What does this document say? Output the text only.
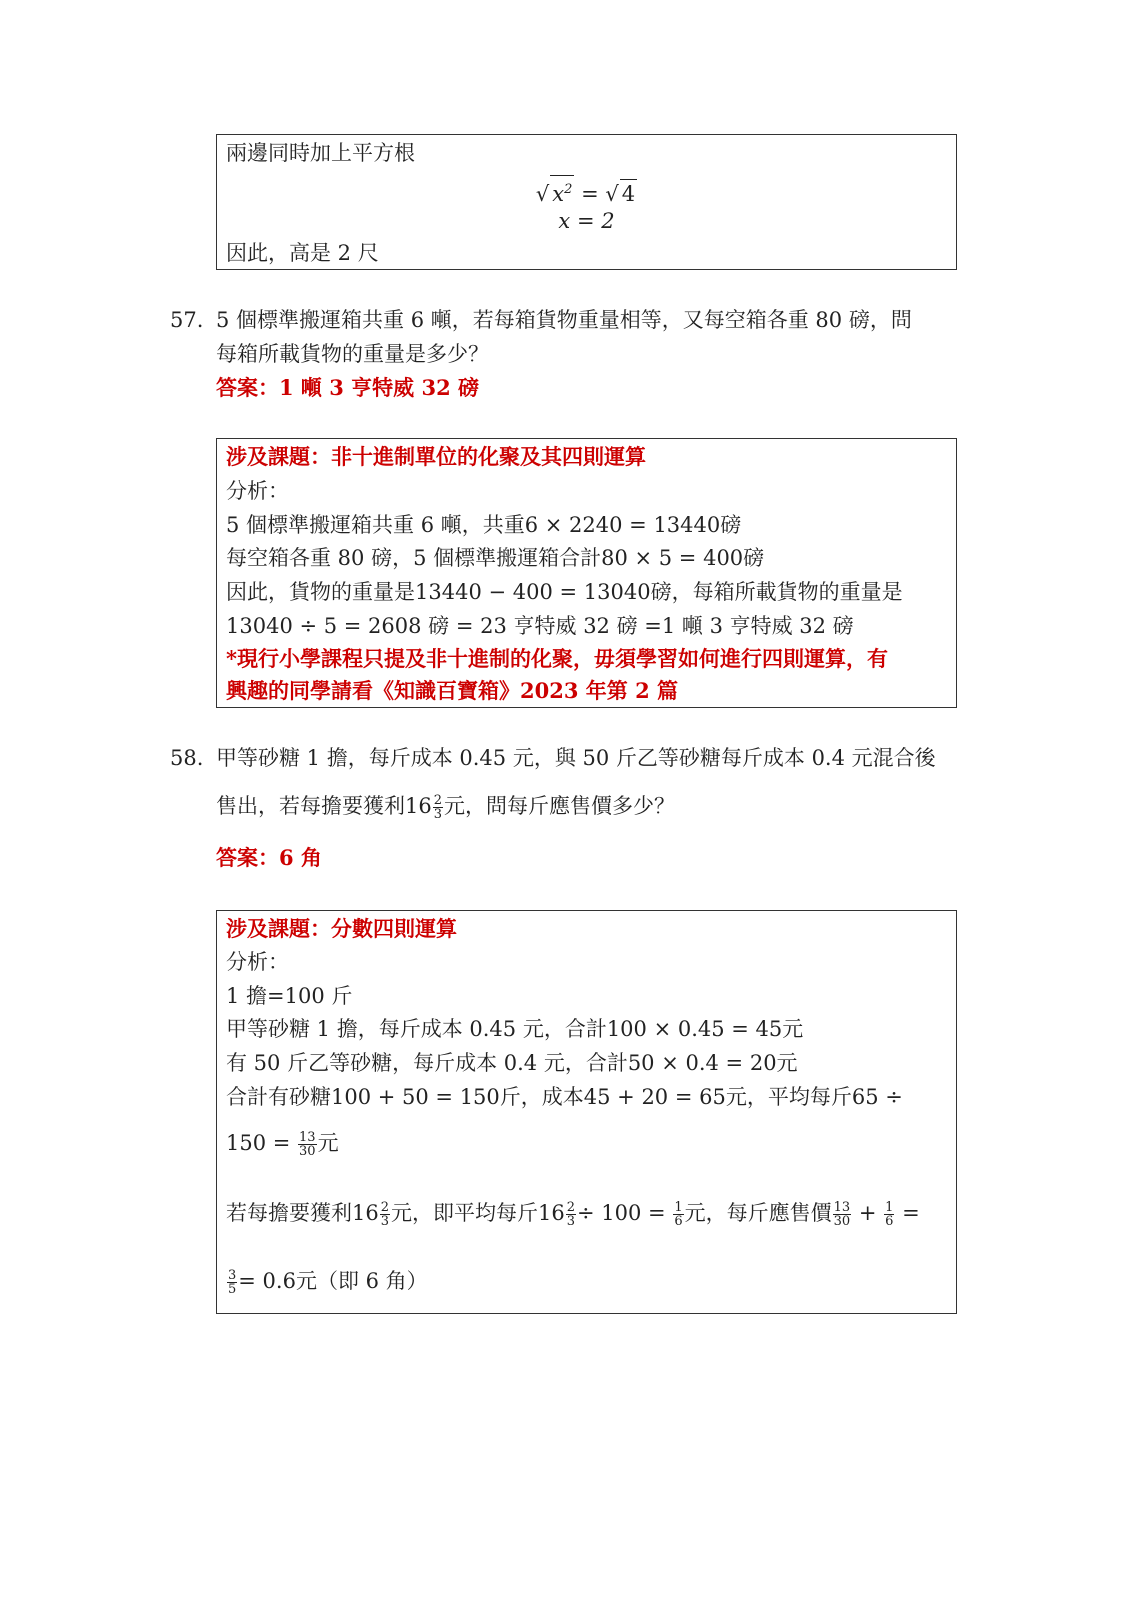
兩邊同時加上平方根
√ $x^2$ = √ 4
x = 2
因此，高是 2 尺
57. 5 個標準搬運箱共重 6 噸，若每箱貨物重量相等，又每空箱各重 80 磅，問
每箱所載貨物的重量是多少？
答案：1 噸 3 亨特威 32 磅
涉及課題：非十進制單位的化聚及其四則運算
分析：
5 個標準搬運箱共重 6 噸，共重6 × 2240 = 13440磅
每空箱各重 80 磅，5 個標準搬運箱合計80 × 5 = 400磅
因此，貨物的重量是13440 − 400 = 13040磅，每箱所載貨物的重量是
13040 ÷ 5 = 2608 磅 = 23 亨特威 32 磅 =1 噸 3 亨特威 32 磅
*現行小學課程只提及非十進制的化聚，毋須學習如何進行四則運算，有
興趣的同學請看《知識百寶箱》2023 年第 2 篇
58. 甲等砂糖 1 擔，每斤成本 0.45 元，與 50 斤乙等砂糖每斤成本 0.4 元混合後
售出，若每擔要獲利$16 \frac{2}{3}$ 元，問每斤應售價多少？
答案：6 角
涉及課題：分數四則運算
分析：
1 擔=100 斤
甲等砂糖 1 擔，每斤成本 0.45 元，合計100 × 0.45 = 45元
有 50 斤乙等砂糖，每斤成本 0.4 元，合計50 × 0.4 = 20元
合計有砂糖100 + 50 = 150斤，成本45 + 20 = 65元，平均每斤65 ÷
$150 = \frac{13}{30}$ 元
若每擔要獲利$16 \frac{2}{3}$ 元，即平均每斤$16 \frac{2}{3} \div 100 = \frac{1}{6}$ 元，每斤應售價 $\frac{13}{30} + \frac{1}{6}$ =
$\frac{3}{5} = 0.6$元（即 6 角）
